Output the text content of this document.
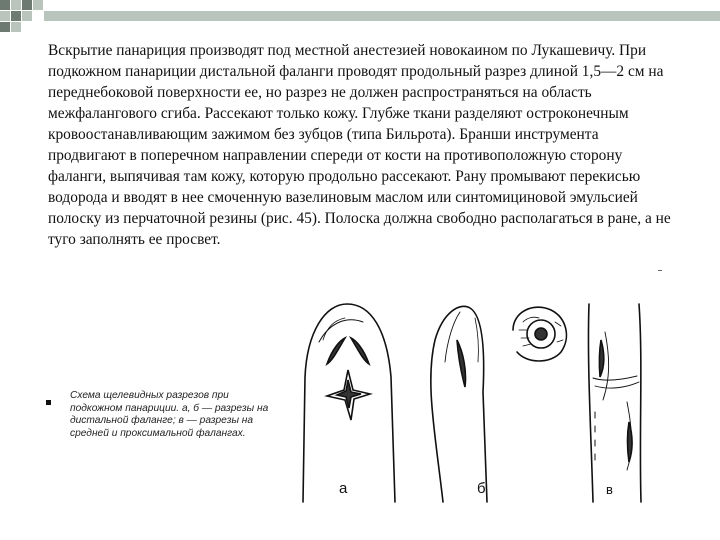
Вскрытие панариция производят под местной анестезией новокаином по Лукашевичу. При подкожном панариции дистальной фаланги проводят продольный разрез длиной 1,5—2 см на переднебоковой поверхности ее, но разрез не должен распространяться на область межфалангового сгиба. Рассекают только кожу. Глубже ткани разделяют остроконечным кровоостанавливающим зажимом без зубцов (типа Бильрота). Бранши инструмента продвигают в поперечном направлении спереди от кости на противоположную сторону фаланги, выпячивая там кожу, которую продольно рассекают. Рану промывают перекисью водорода и вводят в нее смоченную вазелиновым маслом или синтомициновой эмульсией полоску из перчаточной резины (рис. 45). Полоска должна свободно располагаться в ране, а не туго заполнять ее просвет.

Схема щелевидных разрезов при подкожном панариции. а, б — разрезы на дистальной фаланге; в — разрезы на средней и проксимальной фалангах.

а	б	в
